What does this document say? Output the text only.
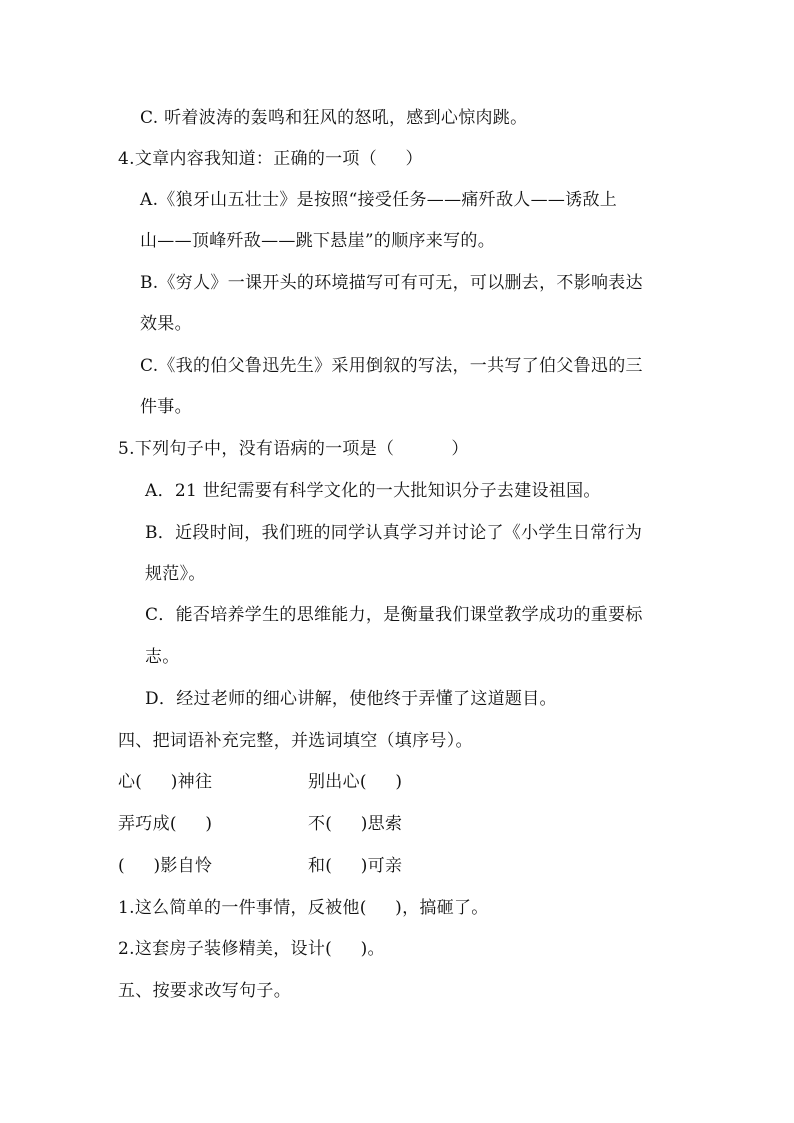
C. 听着波涛的轰鸣和狂风的怒吼，感到心惊肉跳。
4.文章内容我知道：正确的一项（     ）
A.《狼牙山五壮士》是按照“接受任务——痛歼敌人——诱敌上
山——顶峰歼敌——跳下悬崖”的顺序来写的。
B.《穷人》一课开头的环境描写可有可无，可以删去，不影响表达
效果。
C.《我的伯父鲁迅先生》采用倒叙的写法，一共写了伯父鲁迅的三
件事。
5.下列句子中，没有语病的一项是（          ）
A．21 世纪需要有科学文化的一大批知识分子去建设祖国。
B．近段时间，我们班的同学认真学习并讨论了《小学生日常行为
规范》。
C．能否培养学生的思维能力，是衡量我们课堂教学成功的重要标
志。
D．经过老师的细心讲解，使他终于弄懂了这道题目。
四、把词语补充完整，并选词填空（填序号）。
心(     )神往	别出心(     )
弄巧成(     )	不(     )思索
(     )影自怜	和(     )可亲
1.这么简单的一件事情，反被他(     )，搞砸了。
2.这套房子装修精美，设计(     )。
五、按要求改写句子。
